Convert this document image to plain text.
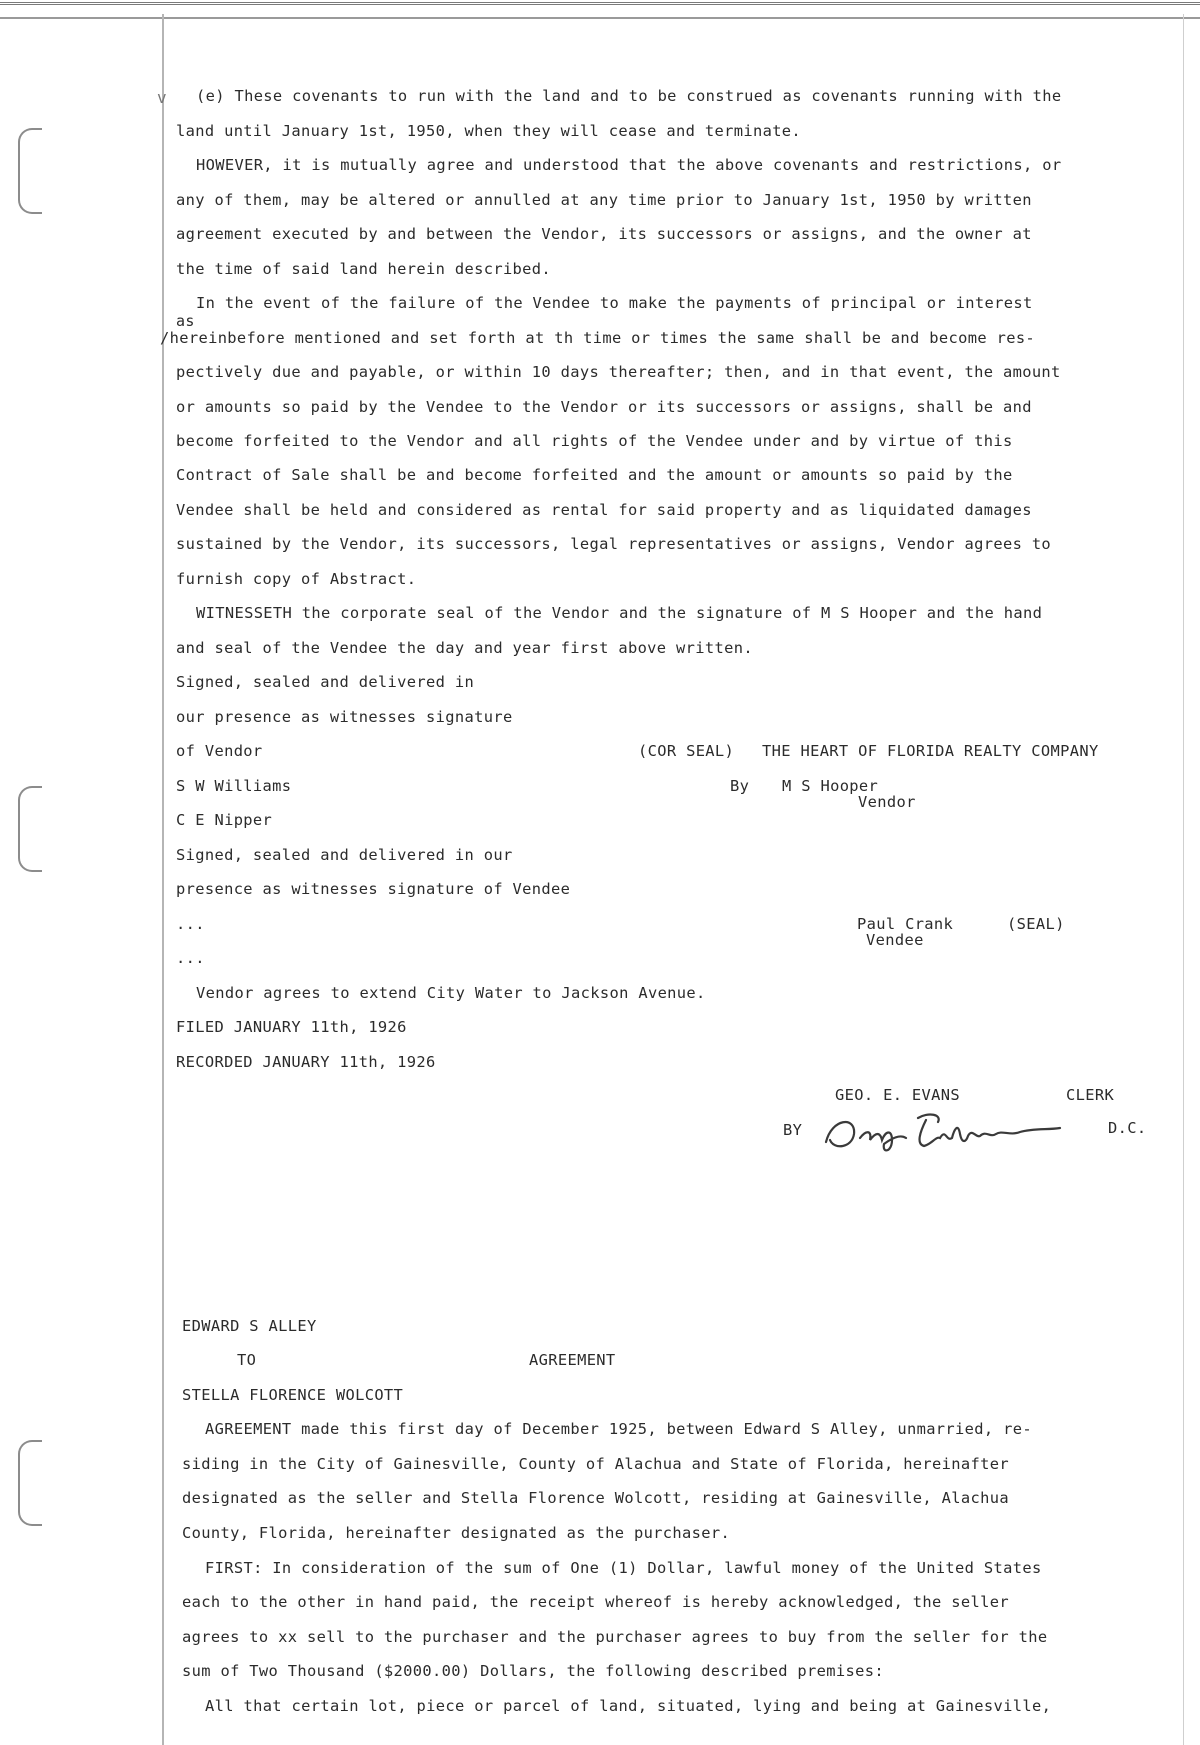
v (e) These covenants to run with the land and to be construed as covenants running with the
land until January 1st, 1950, when they will cease and terminate.
HOWEVER, it is mutually agree and understood that the above covenants and restrictions, or
any of them, may be altered or annulled at any time prior to January 1st, 1950 by written
agreement executed by and between the Vendor, its successors or assigns, and the owner at
the time of said land herein described.
In the event of the failure of the Vendee to make the payments of principal or interest
as
/hereinbefore mentioned and set forth at th time or times the same shall be and become res-
pectively due and payable, or within 10 days thereafter; then, and in that event, the amount
or amounts so paid by the Vendee to the Vendor or its successors or assigns, shall be and
become forfeited to the Vendor and all rights of the Vendee under and by virtue of this
Contract of Sale shall be and become forfeited and the amount or amounts so paid by the
Vendee shall be held and considered as rental for said property and as liquidated damages
sustained by the Vendor, its successors, legal representatives or assigns, Vendor agrees to
furnish copy of Abstract.
WITNESSETH the corporate seal of the Vendor and the signature of M S Hooper and the hand
and seal of the Vendee the day and year first above written.
Signed, sealed and delivered in
our presence as witnesses signature
of Vendor
S W Williams
C E Nipper
Signed, sealed and delivered in our
presence as witnesses signature of Vendee
...
...
Vendor agrees to extend City Water to Jackson Avenue.
FILED JANUARY 11th, 1926
RECORDED JANUARY 11th, 1926
EDWARD S ALLEY
TO	AGREEMENT
STELLA FLORENCE WOLCOTT
AGREEMENT made this first day of December 1925, between Edward S Alley, unmarried, re-
siding in the City of Gainesville, County of Alachua and State of Florida, hereinafter
designated as the seller and Stella Florence Wolcott, residing at Gainesville, Alachua
County, Florida, hereinafter designated as the purchaser.
FIRST: In consideration of the sum of One (1) Dollar, lawful money of the United States
each to the other in hand paid, the receipt whereof is hereby acknowledged, the seller
agrees to xx sell to the purchaser and the purchaser agrees to buy from the seller for the
sum of Two Thousand ($2000.00) Dollars, the following described premises:
All that certain lot, piece or parcel of land, situated, lying and being at Gainesville,
(COR SEAL) THE HEART OF FLORIDA REALTY COMPANY
By M S Hooper
Vendor
Paul Crank	(SEAL)
Vendee
GEO. E. EVANS	CLERK
BY	D.C.
